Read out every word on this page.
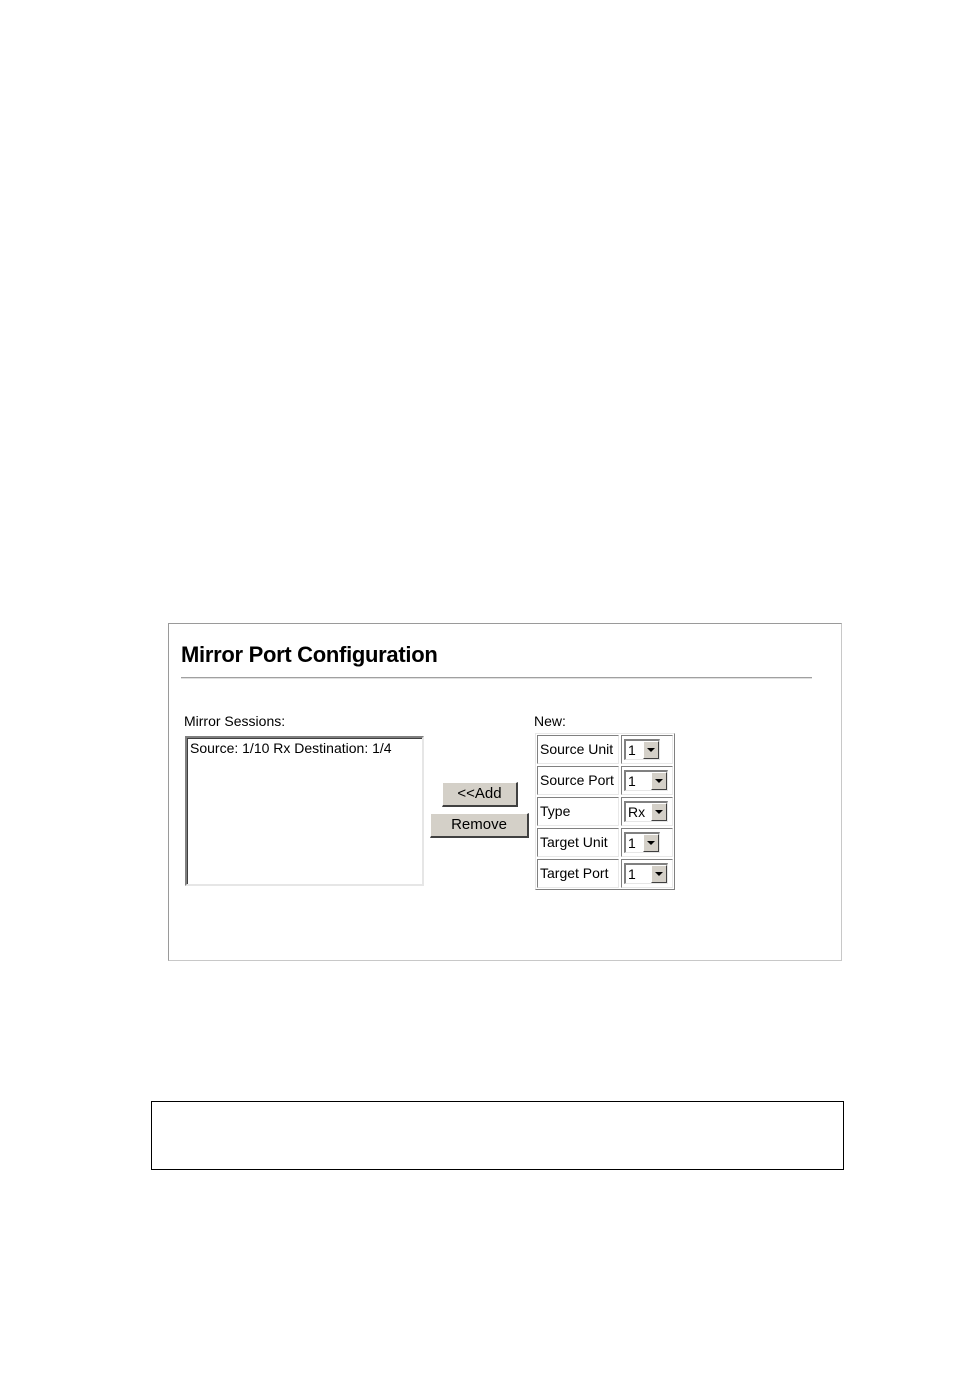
Mirror Port Configuration
Mirror Sessions:
Source: 1/10 Rx Destination: 1/4
<<Add
Remove
New:
Source Unit	1
Source Port	1
Type	Rx
Target Unit	1
Target Port	1
